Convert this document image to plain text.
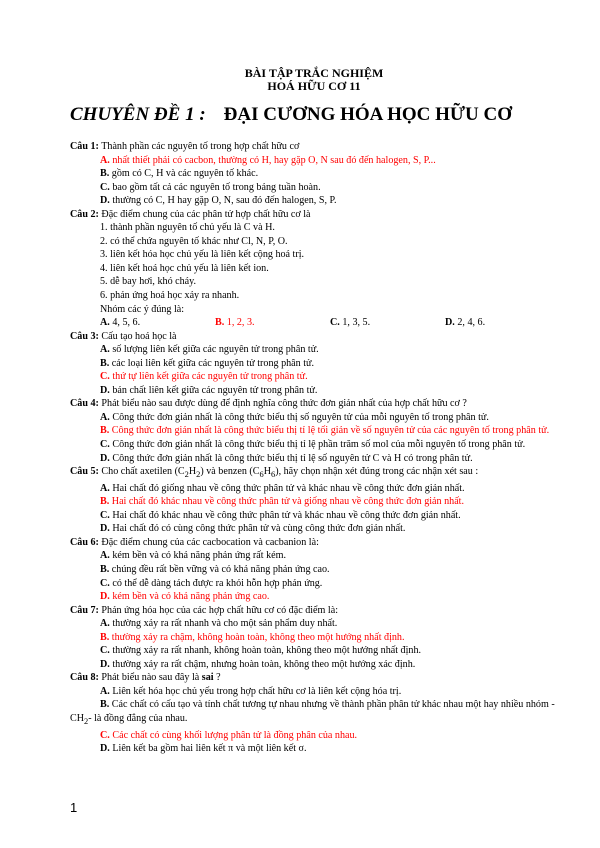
BÀI TẬP TRẮC NGHIỆM
HOÁ HỮU CƠ 11
CHUYÊN ĐỀ 1 : ĐẠI CƯƠNG HÓA HỌC HỮU CƠ
Câu 1: Thành phần các nguyên tố trong hợp chất hữu cơ
A. nhất thiết phải có cacbon, thường có H, hay gặp O, N sau đó đến halogen, S, P...
B. gồm có C, H và các nguyên tố khác.
C. bao gồm tất cả các nguyên tố trong bảng tuần hoàn.
D. thường có C, H hay gặp O, N, sau đó đến halogen, S, P.
Câu 2: Đặc điểm chung của các phân tử hợp chất hữu cơ là
1. thành phần nguyên tố chủ yếu là C và H.
2. có thể chứa nguyên tố khác như Cl, N, P, O.
3. liên kết hóa học chủ yếu là liên kết cộng hoá trị.
4. liên kết hoá học chủ yếu là liên kết ion.
5. dễ bay hơi, khó cháy.
6. phản ứng hoá học xảy ra nhanh.
Nhóm các ý đúng là:
A. 4, 5, 6.	B. 1, 2, 3.	C. 1, 3, 5.	D. 2, 4, 6.
Câu 3: Cấu tạo hoá học là
A. số lượng liên kết giữa các nguyên tử trong phân tử.
B. các loại liên kết giữa các nguyên tử trong phân tử.
C. thứ tự liên kết giữa các nguyên tử trong phân tử.
D. bản chất liên kết giữa các nguyên tử trong phân tử.
Câu 4: Phát biểu nào sau được dùng để định nghĩa công thức đơn giản nhất của hợp chất hữu cơ ?
A. Công thức đơn giản nhất là công thức biểu thị số nguyên tử của mỗi nguyên tố trong phân tử.
B. Công thức đơn giản nhất là công thức biểu thị tỉ lệ tối giản về số nguyên tử của các nguyên tố trong phân tử.
C. Công thức đơn giản nhất là công thức biểu thị tỉ lệ phần trăm số mol của mỗi nguyên tố trong phân tử.
D. Công thức đơn giản nhất là công thức biểu thị tỉ lệ số nguyên tử C và H có trong phân tử.
Câu 5: Cho chất axetilen $(C_2H_2)$ và benzen $(C_6H_6)$, hãy chọn nhận xét đúng trong các nhận xét sau :
A. Hai chất đó giống nhau về công thức phân tử và khác nhau về công thức đơn giản nhất.
B. Hai chất đó khác nhau về công thức phân tử và giống nhau về công thức đơn giản nhất.
C. Hai chất đó khác nhau về công thức phân tử và khác nhau về công thức đơn giản nhất.
D. Hai chất đó có cùng công thức phân tử và cùng công thức đơn giản nhất.
Câu 6: Đặc điểm chung của các cacbocation và cacbanion là:
A. kém bền và có khả năng phản ứng rất kém.
B. chúng đều rất bền vững và có khả năng phản ứng cao.
C. có thể dễ dàng tách được ra khỏi hỗn hợp phản ứng.
D. kém bền và có khả năng phản ứng cao.
Câu 7: Phản ứng hóa học của các hợp chất hữu cơ có đặc điểm là:
A. thường xảy ra rất nhanh và cho một sản phẩm duy nhất.
B. thường xảy ra chậm, không hoàn toàn, không theo một hướng nhất định.
C. thường xảy ra rất nhanh, không hoàn toàn, không theo một hướng nhất định.
D. thường xảy ra rất chậm, nhưng hoàn toàn, không theo một hướng xác định.
Câu 8: Phát biểu nào sau đây là sai ?
A. Liên kết hóa học chủ yếu trong hợp chất hữu cơ là liên kết cộng hóa trị.
B. Các chất có cấu tạo và tính chất tương tự nhau nhưng về thành phần phân tử khác nhau một hay nhiều nhóm $-CH_2-$ là đồng đẳng của nhau.
C. Các chất có cùng khối lượng phân tử là đồng phân của nhau.
D. Liên kết ba gồm hai liên kết π và một liên kết σ.
1
